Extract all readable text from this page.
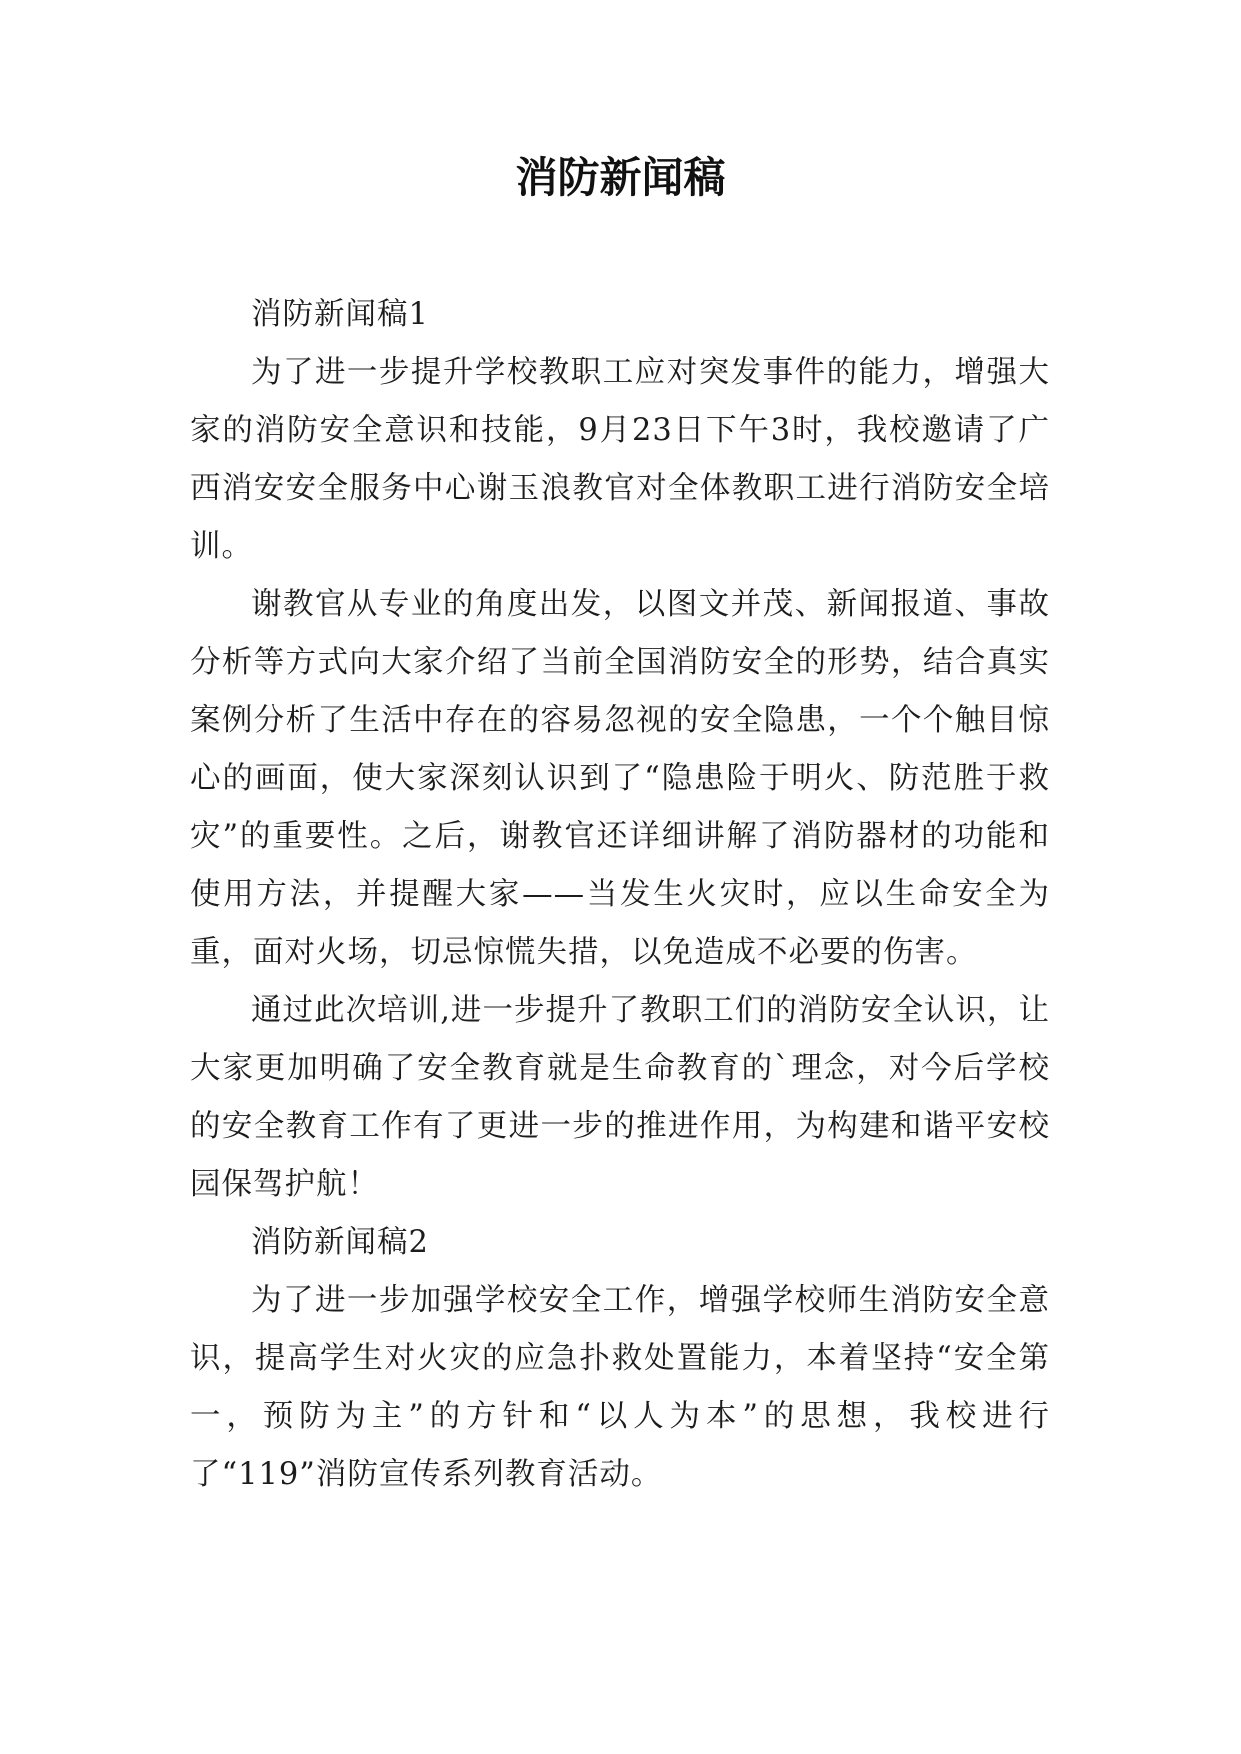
消防新闻稿

消防新闻稿1

为了进一步提升学校教职工应对突发事件的能力，增强大家的消防安全意识和技能，9月23日下午3时，我校邀请了广西消安安全服务中心谢玉浪教官对全体教职工进行消防安全培训。

谢教官从专业的角度出发，以图文并茂、新闻报道、事故分析等方式向大家介绍了当前全国消防安全的形势，结合真实案例分析了生活中存在的容易忽视的安全隐患，一个个触目惊心的画面，使大家深刻认识到了“隐患险于明火、防范胜于救灾”的重要性。之后，谢教官还详细讲解了消防器材的功能和使用方法，并提醒大家——当发生火灾时，应以生命安全为重，面对火场，切忌惊慌失措，以免造成不必要的伤害。

通过此次培训,进一步提升了教职工们的消防安全认识，让大家更加明确了安全教育就是生命教育的`理念，对今后学校的安全教育工作有了更进一步的推进作用，为构建和谐平安校园保驾护航！

消防新闻稿2

为了进一步加强学校安全工作，增强学校师生消防安全意识，提高学生对火灾的应急扑救处置能力，本着坚持“安全第一，预防为主”的方针和“以人为本”的思想，我校进行了“119”消防宣传系列教育活动。
